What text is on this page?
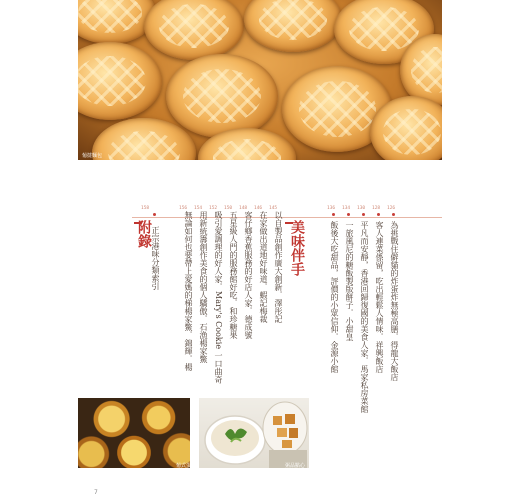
葡撻麵包
158
附錄 正宗港味分類索引
156 154 152 150 148 146 145
無論如何也要帶上愛媽的梯楊家鱉．錦輝．楊 用新統籌創作美食的個人驕傲．石漁楊家鱉 吸引愛調理的好人家．Mary's Cookie 一口曲奇 五星級人門的服務館好吃．和珍糖果 客仔鄉香蕉服務的好店人家．德成號 在家做出道地好味道．蝦記梅裁 以自製品創作廣大創新．澤彤記 美味伴手
136 134 130 128 126
飯後大吃甜品，評價的小眾信仰．金源小館 一旅風尼的糖飯製版餅子．小甜皇 平凡而安靜，香港回歸復國的美食人家．馬家私房菜館 客人連菜係留，吃出輕鬆人情味．祥興飯店 為挑戰住僻貓的炸蛋炸無極高膳．得龍大飯店
葡式蛋撻	粥品點心
7
